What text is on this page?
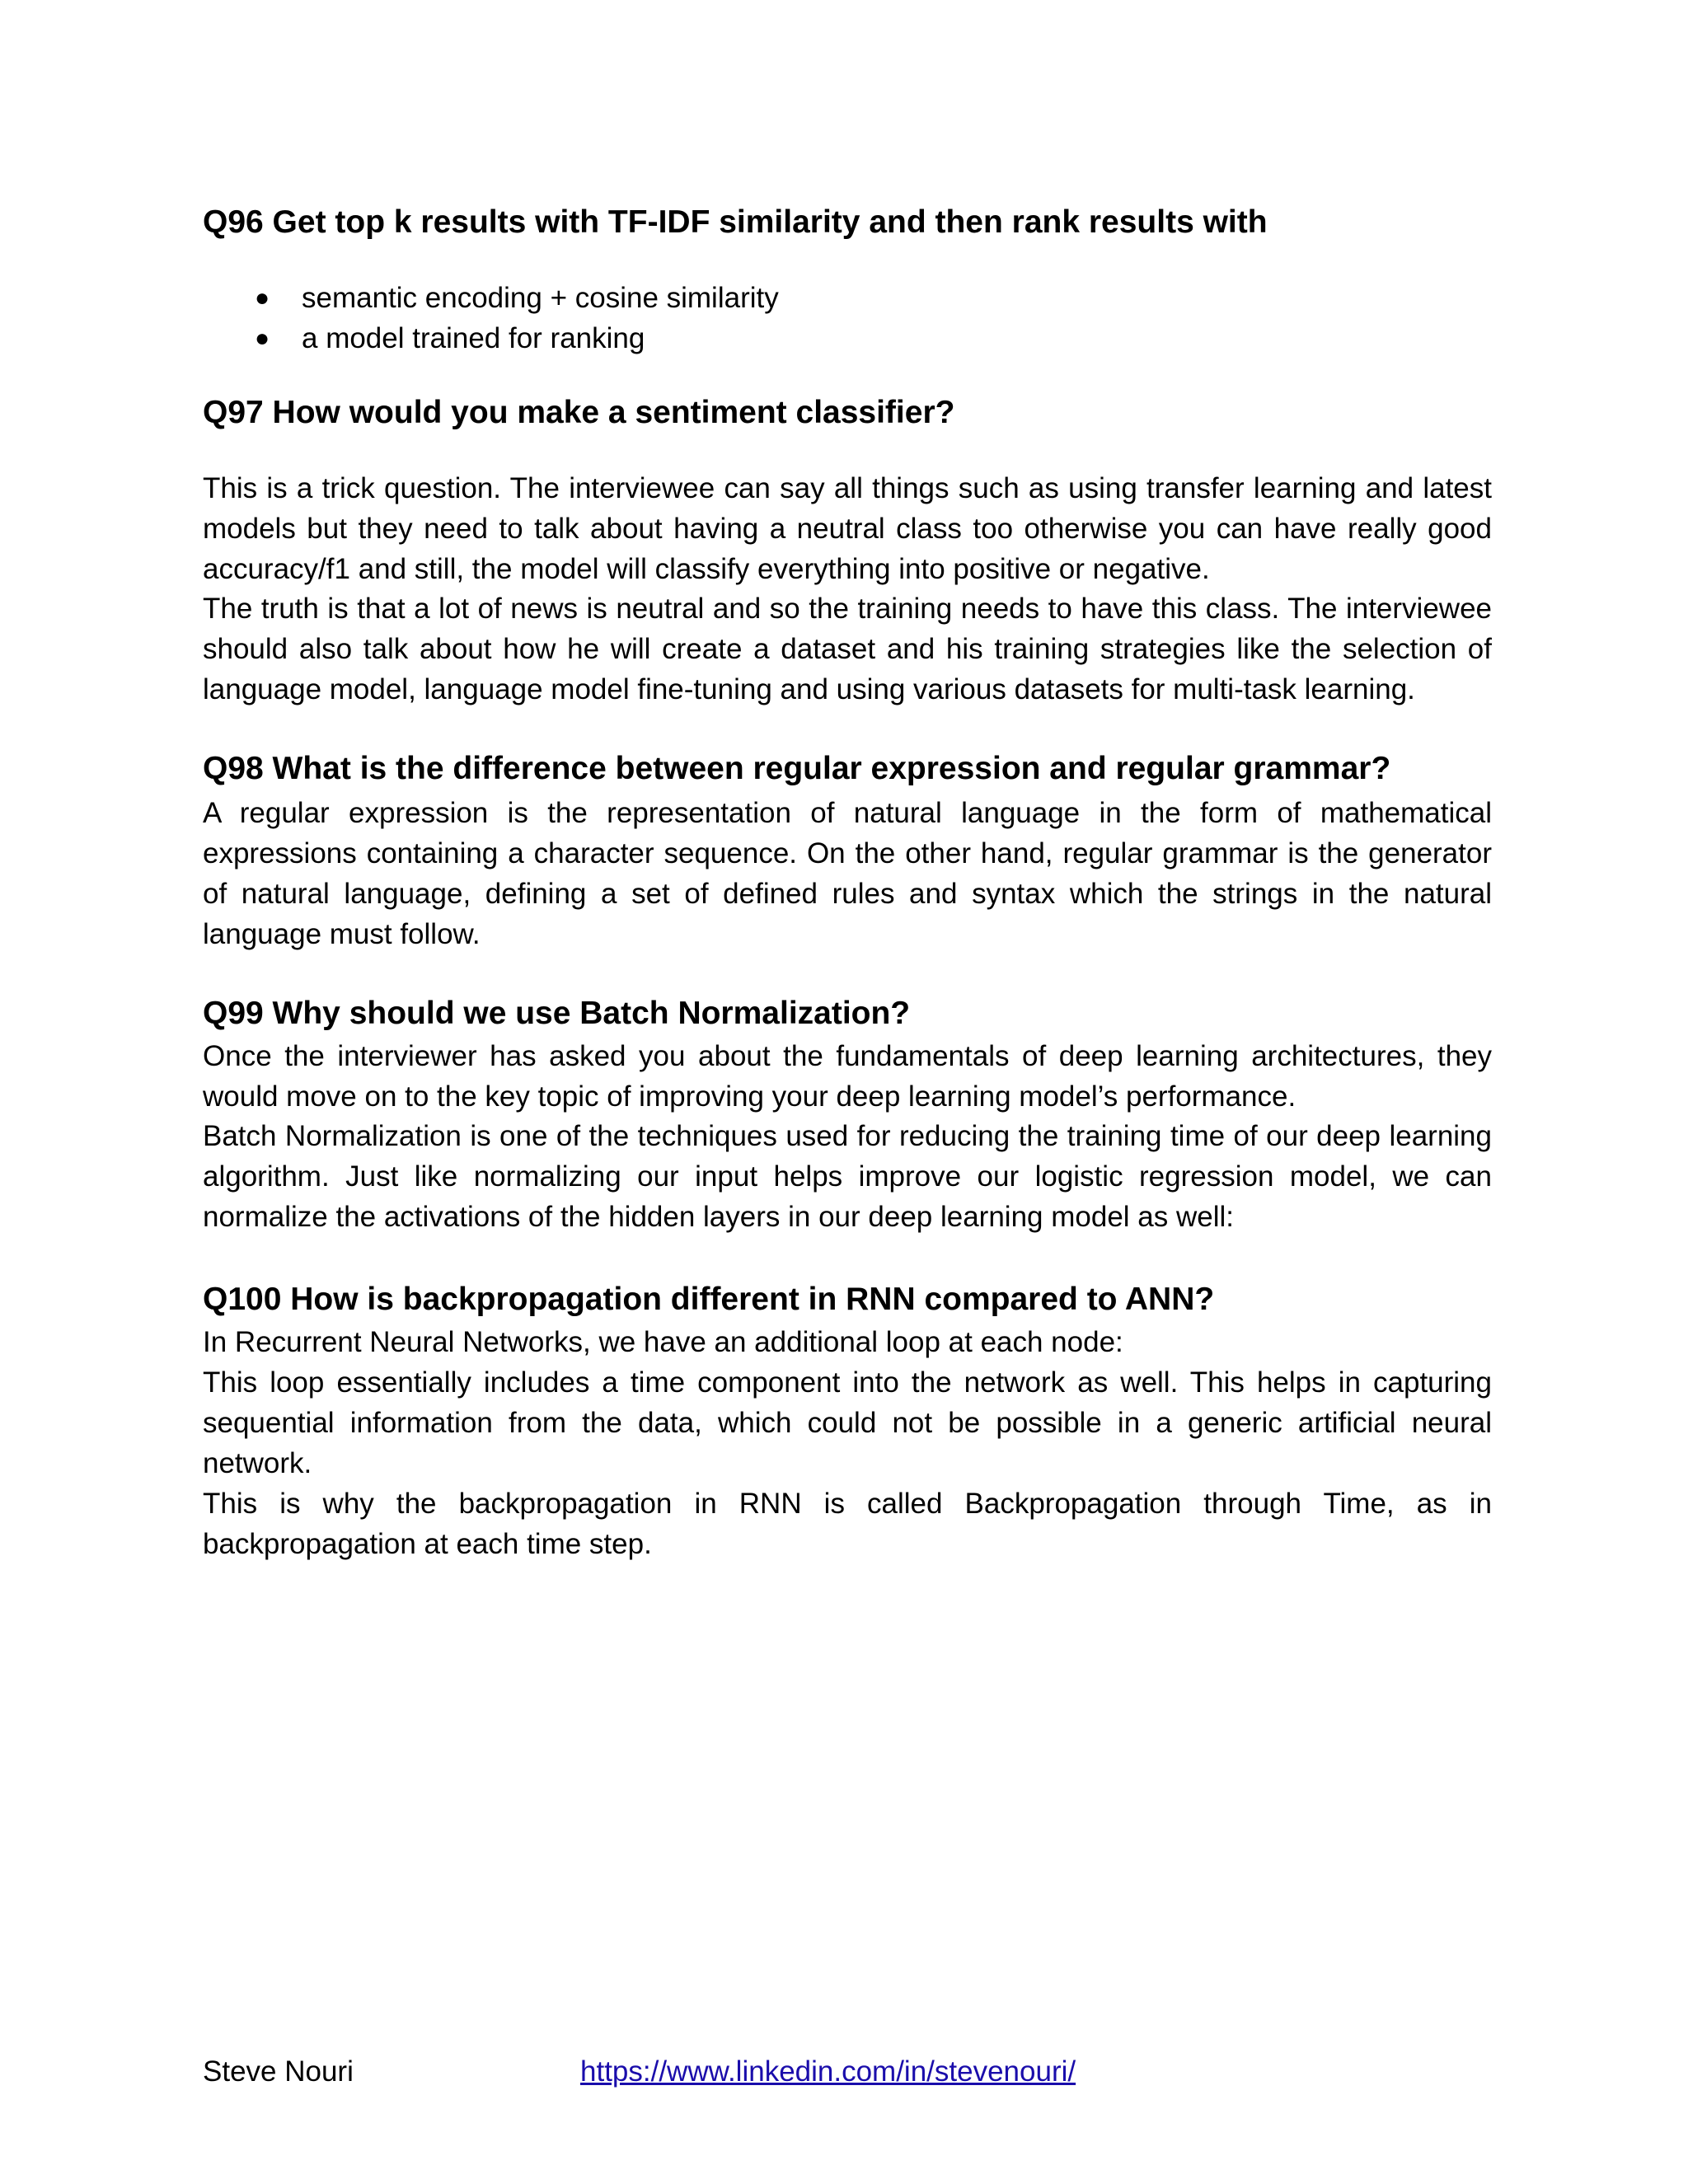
Q96 Get top k results with TF-IDF similarity and then rank results with
● semantic encoding + cosine similarity
● a model trained for ranking
Q97 How would you make a sentiment classifier?

This is a trick question. The interviewee can say all things such as using transfer learning and latest models but they need to talk about having a neutral class too otherwise you can have really good accuracy/f1 and still, the model will classify everything into positive or negative.

The truth is that a lot of news is neutral and so the training needs to have this class. The interviewee should also talk about how he will create a dataset and his training strategies like the selection of language model, language model fine-tuning and using various datasets for multi-task learning.

Q98 What is the difference between regular expression and regular grammar?

A regular expression is the representation of natural language in the form of mathematical expressions containing a character sequence. On the other hand, regular grammar is the generator of natural language, defining a set of defined rules and syntax which the strings in the natural language must follow.

Q99 Why should we use Batch Normalization?

Once the interviewer has asked you about the fundamentals of deep learning architectures, they would move on to the key topic of improving your deep learning model’s performance.

Batch Normalization is one of the techniques used for reducing the training time of our deep learning algorithm. Just like normalizing our input helps improve our logistic regression model, we can normalize the activations of the hidden layers in our deep learning model as well:

Q100 How is backpropagation different in RNN compared to ANN?

In Recurrent Neural Networks, we have an additional loop at each node:

This loop essentially includes a time component into the network as well. This helps in capturing sequential information from the data, which could not be possible in a generic artificial neural network.

This is why the backpropagation in RNN is called Backpropagation through Time, as in backpropagation at each time step.

Steve Nouri	https://www.linkedin.com/in/stevenouri/
